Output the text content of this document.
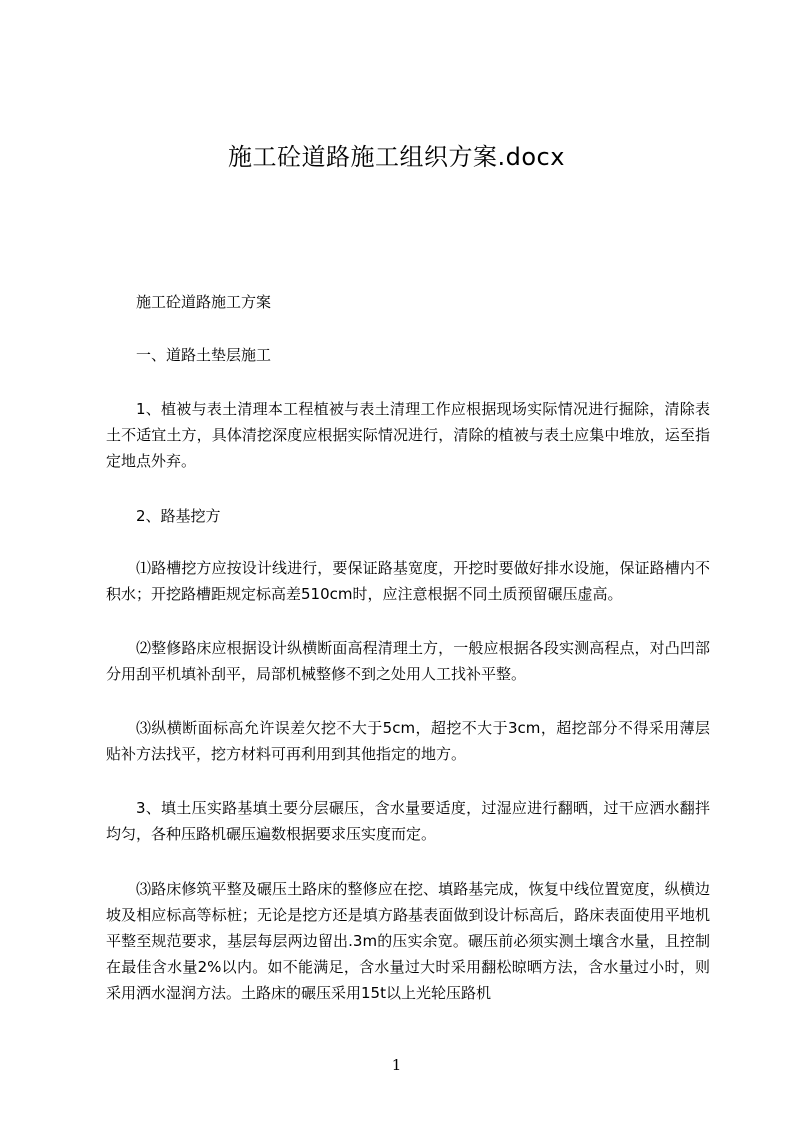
施工砼道路施工组织方案.docx

施工砼道路施工方案

一、道路土垫层施工

1、植被与表土清理本工程植被与表土清理工作应根据现场实际情况进行掘除，清除表土不适宜土方，具体清挖深度应根据实际情况进行，清除的植被与表土应集中堆放，运至指定地点外弃。

2、路基挖方

⑴路槽挖方应按设计线进行，要保证路基宽度，开挖时要做好排水设施，保证路槽内不积水；开挖路槽距规定标高差510cm时，应注意根据不同土质预留碾压虚高。

⑵整修路床应根据设计纵横断面高程清理土方，一般应根据各段实测高程点，对凸凹部分用刮平机填补刮平，局部机械整修不到之处用人工找补平整。

⑶纵横断面标高允许误差欠挖不大于5cm，超挖不大于3cm，超挖部分不得采用薄层贴补方法找平，挖方材料可再利用到其他指定的地方。

3、填土压实路基填土要分层碾压，含水量要适度，过湿应进行翻晒，过干应洒水翻拌均匀，各种压路机碾压遍数根据要求压实度而定。

⑶路床修筑平整及碾压土路床的整修应在挖、填路基完成，恢复中线位置宽度，纵横边坡及相应标高等标桩；无论是挖方还是填方路基表面做到设计标高后，路床表面使用平地机平整至规范要求，基层每层两边留出.3m的压实余宽。碾压前必须实测土壤含水量，且控制在最佳含水量2%以内。如不能满足，含水量过大时采用翻松晾晒方法，含水量过小时，则采用洒水湿润方法。土路床的碾压采用15t以上光轮压路机

1
